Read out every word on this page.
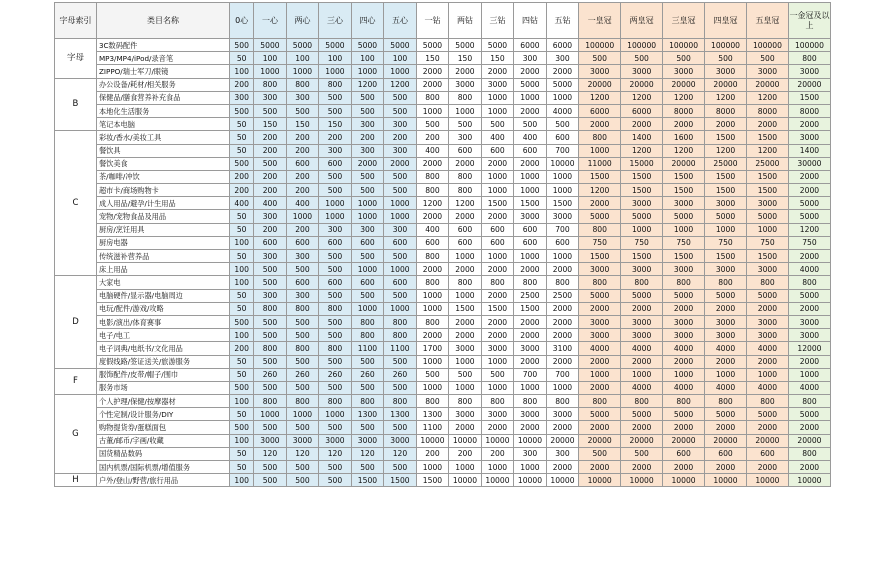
字母索引	类目名称	0心	一心	两心	三心	四心	五心	一钻	两钻	三钻	四钻	五钻	一皇冠	两皇冠	三皇冠	四皇冠	五皇冠	一金冠及以上
字母	3C数码配件	500	5000	5000	5000	5000	5000	5000	5000	5000	6000	6000	100000	100000	100000	100000	100000	100000
	MP3/MP4/iPod/录音笔	50	100	100	100	100	100	150	150	150	300	300	500	500	500	500	500	800
	ZIPPO/瑞士军刀/眼镜	100	1000	1000	1000	1000	1000	2000	2000	2000	2000	2000	3000	3000	3000	3000	3000	3000
B	办公设备/耗材/相关服务	200	800	800	800	1200	1200	2000	3000	3000	5000	5000	20000	20000	20000	20000	20000	20000
	保健品/膳食营养补充食品	300	300	300	500	500	500	800	800	1000	1000	1000	1200	1200	1200	1200	1200	1500
	本地化生活服务	500	500	500	500	500	500	1000	1000	1000	2000	4000	6000	6000	8000	8000	8000	8000
	笔记本电脑	50	150	150	150	300	300	500	500	500	500	500	2000	2000	2000	2000	2000	2000
C	彩妆/香水/美妆工具	50	200	200	200	200	200	200	300	400	400	600	800	1400	1600	1500	1500	3000
	餐饮具	50	200	200	300	300	300	400	600	600	600	700	1000	1200	1200	1200	1200	1400
	餐饮美食	500	500	600	600	2000	2000	2000	2000	2000	2000	10000	11000	15000	20000	25000	25000	30000
	茶/咖啡/冲饮	200	200	200	500	500	500	800	800	1000	1000	1000	1500	1500	1500	1500	1500	2000
	超市卡/商场购物卡	200	200	200	500	500	500	800	800	1000	1000	1000	1200	1500	1500	1500	1500	2000
	成人用品/避孕/计生用品	400	400	400	1000	1000	1000	1200	1200	1500	1500	1500	2000	3000	3000	3000	3000	5000
	宠物/宠物食品及用品	50	300	1000	1000	1000	1000	2000	2000	2000	3000	3000	5000	5000	5000	5000	5000	5000
	厨房/烹饪用具	50	200	200	300	300	300	400	600	600	600	700	800	1000	1000	1000	1000	1200
	厨房电器	100	600	600	600	600	600	600	600	600	600	600	750	750	750	750	750	750
	传统滋补营养品	50	300	300	500	500	500	800	1000	1000	1000	1000	1500	1500	1500	1500	1500	2000
	床上用品	100	500	500	500	1000	1000	2000	2000	2000	2000	2000	3000	3000	3000	3000	3000	4000
D	大家电	100	500	600	600	600	600	800	800	800	800	800	800	800	800	800	800	800
	电脑硬件/显示器/电脑周边	50	300	300	500	500	500	1000	1000	2000	2500	2500	5000	5000	5000	5000	5000	5000
	电玩/配件/游戏/攻略	50	800	800	800	1000	1000	1000	1500	1500	1500	2000	2000	2000	2000	2000	2000	2000
	电影/演出/体育赛事	500	500	500	500	800	800	800	2000	2000	2000	2000	3000	3000	3000	3000	3000	3000
	电子/电工	100	500	500	500	800	800	2000	2000	2000	2000	2000	3000	3000	3000	3000	3000	3000
	电子词典/电纸书/文化用品	200	800	800	800	1100	1100	1700	3000	3000	3000	3100	4000	4000	4000	4000	4000	12000
	度假线路/签证送关/旅游服务	50	500	500	500	500	500	1000	1000	1000	2000	2000	2000	2000	2000	2000	2000	2000
F	服饰配件/皮带/帽子/围巾	50	260	260	260	260	260	500	500	500	700	700	1000	1000	1000	1000	1000	1000
	服务市场	500	500	500	500	500	500	1000	1000	1000	1000	1000	2000	4000	4000	4000	4000	4000
G	个人护理/保健/按摩器材	100	800	800	800	800	800	800	800	800	800	800	800	800	800	800	800	800
	个性定制/设计服务/DIY	50	1000	1000	1000	1300	1300	1300	3000	3000	3000	3000	5000	5000	5000	5000	5000	5000
	购物提货券/蛋糕面包	500	500	500	500	500	500	1100	2000	2000	2000	2000	2000	2000	2000	2000	2000	2000
	古董/邮币/字画/收藏	100	3000	3000	3000	3000	3000	10000	10000	10000	10000	20000	20000	20000	20000	20000	20000	20000
	国货精品数码	50	120	120	120	120	120	200	200	200	300	300	500	500	600	600	600	800
	国内机票/国际机票/增值服务	50	500	500	500	500	500	1000	1000	1000	1000	2000	2000	2000	2000	2000	2000	2000
H	户外/登山/野营/旅行用品	100	500	500	500	1500	1500	1500	10000	10000	10000	10000	10000	10000	10000	10000	10000	10000
